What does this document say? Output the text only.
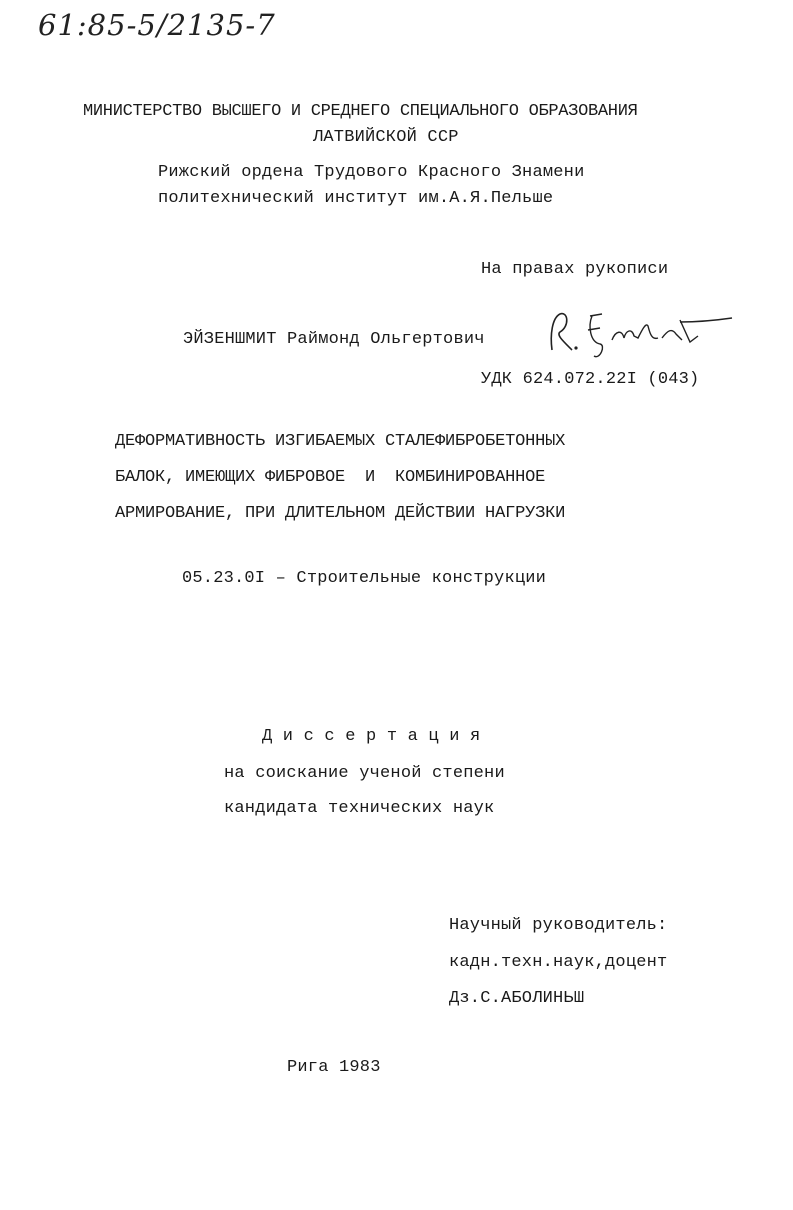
61:85-5/2135-7
МИНИСТЕРСТВО ВЫСШЕГО И СРЕДНЕГО СПЕЦИАЛЬНОГО ОБРАЗОВАНИЯ
ЛАТВИЙСКОЙ ССР
Рижский ордена Трудового Красного Знамени
политехнический институт им.А.Я.Пельше
На правах рукописи
ЭЙЗЕНШМИТ Раймонд Ольгертович
УДК 624.072.22I (043)
ДЕФОРМАТИВНОСТЬ ИЗГИБАЕМЫХ СТАЛЕФИБРОБЕТОННЫХ
БАЛОК, ИМЕЮЩИХ ФИБРОВОЕ  И  КОМБИНИРОВАННОЕ
АРМИРОВАНИЕ, ПРИ ДЛИТЕЛЬНОМ ДЕЙСТВИИ НАГРУЗКИ
05.23.0I – Строительные конструкции
Д и с с е р т а ц и я
на соискание ученой степени
кандидата технических наук
Научный руководитель:
кадн.техн.наук,доцент
Дз.С.АБОЛИНЬШ
Рига 1983
